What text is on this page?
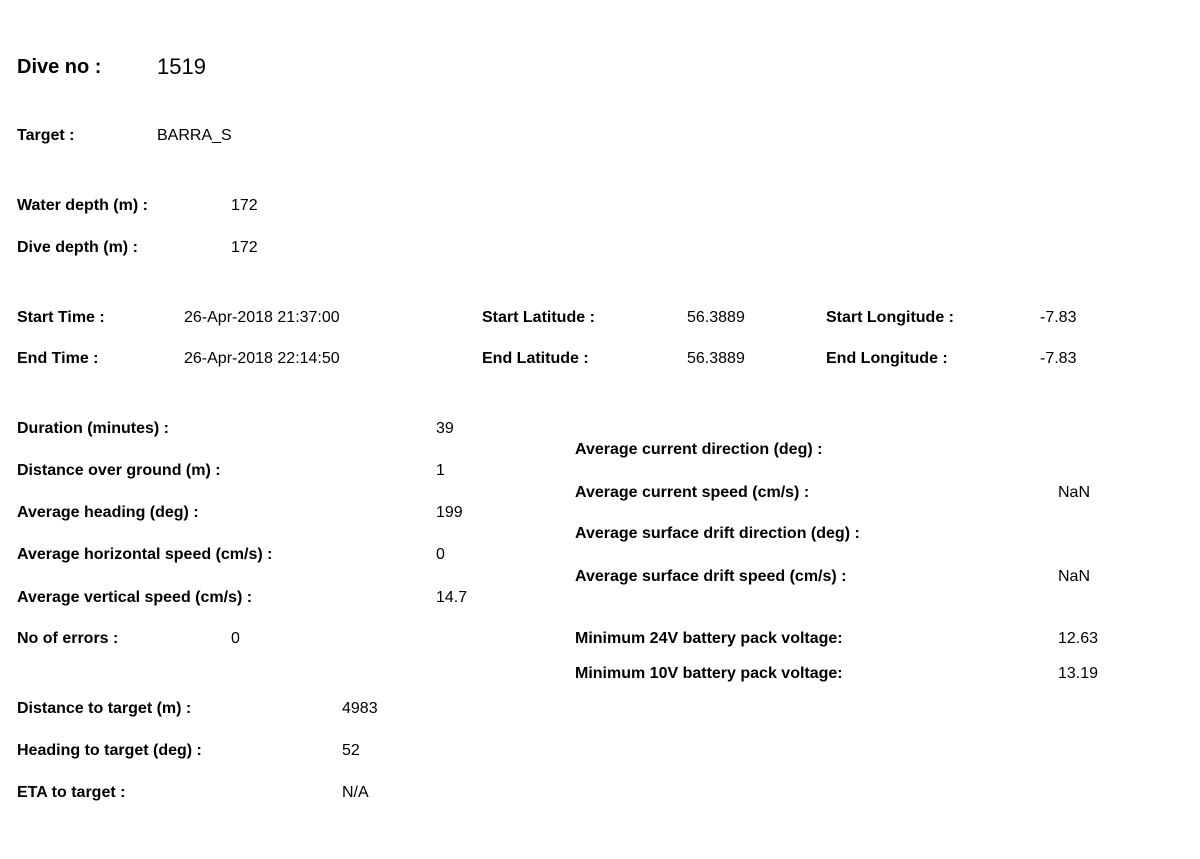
Dive no :	1519
Target :	BARRA_S
Water depth (m) :	172
Dive depth (m) :	172
Start Time :	26-Apr-2018 21:37:00	Start Latitude :	56.3889	Start Longitude :	-7.83
End Time :	26-Apr-2018 22:14:50	End Latitude :	56.3889	End Longitude :	-7.83
Duration (minutes) :	39
Distance over ground (m) :	1
Average heading (deg) :	199
Average horizontal speed (cm/s) :	0
Average vertical speed (cm/s) :	14.7
No of errors :	0
Average current direction (deg) :
Average current speed (cm/s) :	NaN
Average surface drift direction (deg) :
Average surface drift speed (cm/s) :	NaN
Minimum 24V battery pack voltage:	12.63
Minimum 10V battery pack voltage:	13.19
Distance to target (m) :	4983
Heading to target (deg) :	52
ETA to target :	N/A
